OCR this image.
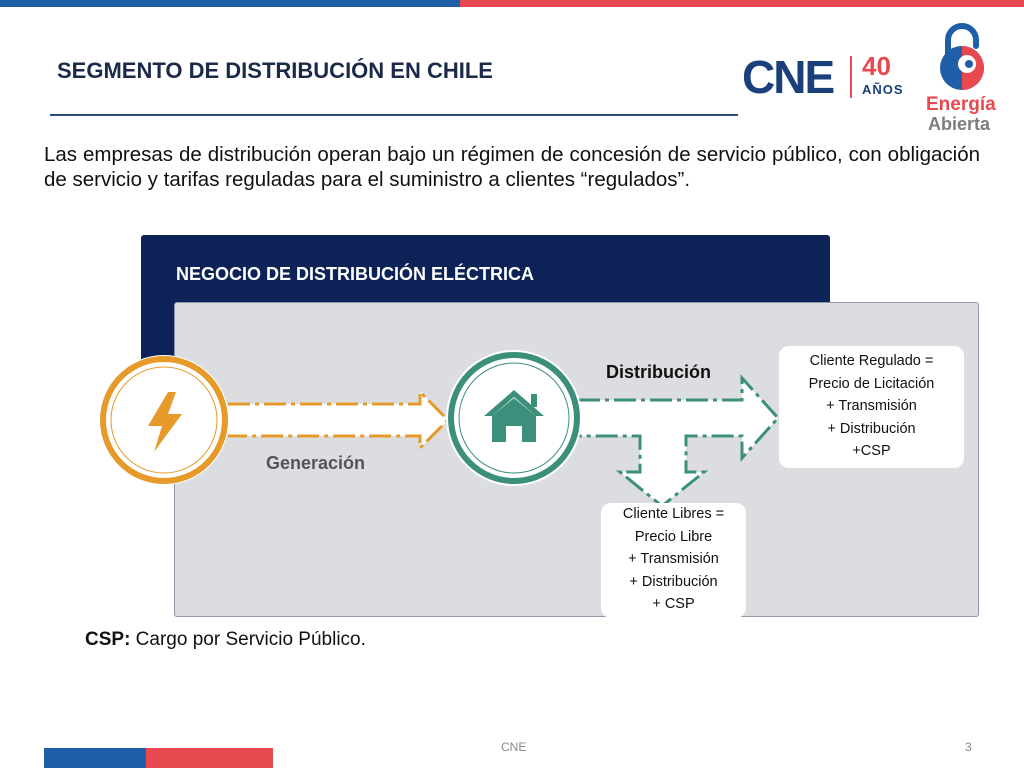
SEGMENTO DE DISTRIBUCIÓN EN CHILE	CNE 40
AÑOS
Energía
Abierta
Las empresas de distribución operan bajo un régimen de concesión de servicio público, con obligación de servicio y tarifas reguladas para el suministro a clientes “regulados”.
NEGOCIO DE DISTRIBUCIÓN ELÉCTRICA
Generación
Distribución
Cliente Regulado =
Precio de Licitación
+ Transmisión
+ Distribución
+CSP
Cliente Libres =
Precio Libre
+ Transmisión
+ Distribución
+ CSP
CSP: Cargo por Servicio Público.
CNE	3
